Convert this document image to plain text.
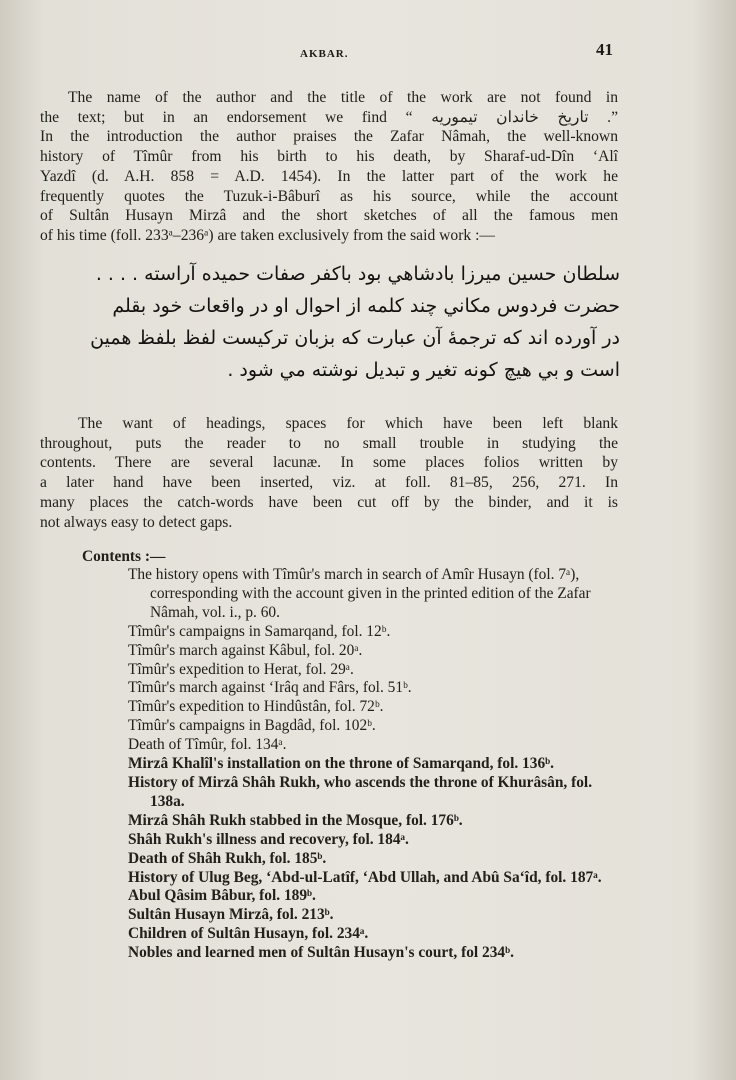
AKBAR.	41
The name of the author and the title of the work are not found in
the text; but in an endorsement we find “ تاريخ خاندان تيموريه .”
In the introduction the author praises the Zafar Nâmah, the well-known
history of Tîmûr from his birth to his death, by Sharaf-ud-Dîn ‘Alî
Yazdî (d. A.H. 858 = A.D. 1454). In the latter part of the work he
frequently quotes the Tuzuk-i-Bâburî as his source, while the account
of Sultân Husayn Mirzâ and the short sketches of all the famous men
of his time (foll. 233ᵃ–236ᵃ) are taken exclusively from the said work :—
سلطان حسين ميرزا بادشاهي بود باكفر صفات حميده آراسته . . . .
حضرت فردوس مكاني چند كلمه از احوال او در واقعات خود بقلم
در آورده اند كه ترجمهٔ آن عبارت كه بزبان تركيست لفظ بلفظ همين
است و بي هيچ كونه تغير و تبديل نوشته مي شود .
The want of headings, spaces for which have been left blank
throughout, puts the reader to no small trouble in studying the
contents. There are several lacunæ. In some places folios written by
a later hand have been inserted, viz. at foll. 81–85, 256, 271. In
many places the catch-words have been cut off by the binder, and it is
not always easy to detect gaps.
Contents :—
The history opens with Tîmûr's march in search of Amîr Husayn (fol. 7ᵃ), corresponding with the account given in the printed edition of the Zafar Nâmah, vol. i., p. 60.
Tîmûr's campaigns in Samarqand, fol. 12ᵇ.
Tîmûr's march against Kâbul, fol. 20ᵃ.
Tîmûr's expedition to Herat, fol. 29ᵃ.
Tîmûr's march against ‘Irâq and Fârs, fol. 51ᵇ.
Tîmûr's expedition to Hindûstân, fol. 72ᵇ.
Tîmûr's campaigns in Bagdâd, fol. 102ᵇ.
Death of Tîmûr, fol. 134ᵃ.
Mirzâ Khalîl's installation on the throne of Samarqand, fol. 136ᵇ.
History of Mirzâ Shâh Rukh, who ascends the throne of Khurâsân, fol. 138a.
Mirzâ Shâh Rukh stabbed in the Mosque, fol. 176ᵇ.
Shâh Rukh's illness and recovery, fol. 184ᵃ.
Death of Shâh Rukh, fol. 185ᵇ.
History of Ulug Beg, ‘Abd-ul-Latîf, ‘Abd Ullah, and Abû Sa‘îd, fol. 187ᵃ.
Abul Qâsim Bâbur, fol. 189ᵇ.
Sultân Husayn Mirzâ, fol. 213ᵇ.
Children of Sultân Husayn, fol. 234ᵃ.
Nobles and learned men of Sultân Husayn's court, fol 234ᵇ.
